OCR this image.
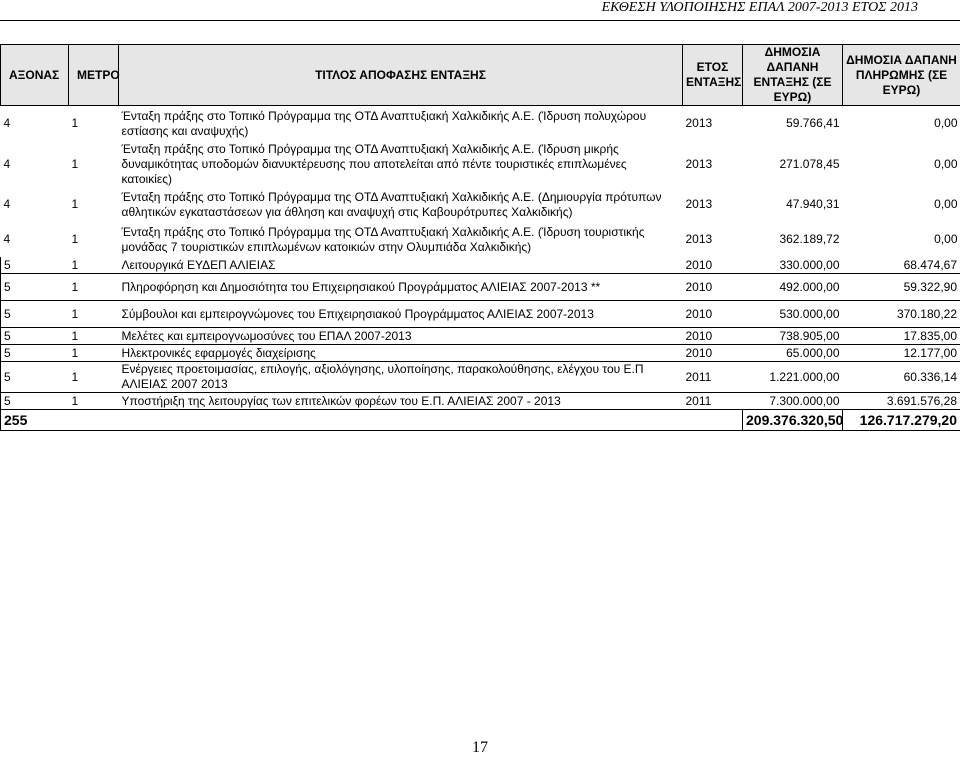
ΕΚΘΕΣΗ ΥΛΟΠΟΙΗΣΗΣ ΕΠΑΛ 2007-2013 ΕΤΟΣ 2013
ΑΞΟΝΑΣ	ΜΕΤΡΟ	ΤΙΤΛΟΣ ΑΠΟΦΑΣΗΣ ΕΝΤΑΞΗΣ	ΕΤΟΣ ΕΝΤΑΞΗΣ	ΔΗΜΟΣΙΑ ΔΑΠΑΝΗ ΕΝΤΑΞΗΣ (ΣΕ ΕΥΡΩ)	ΔΗΜΟΣΙΑ ΔΑΠΑΝΗ ΠΛΗΡΩΜΗΣ (ΣΕ ΕΥΡΩ)
4	1	Ένταξη πράξης στο Τοπικό Πρόγραμμα της ΟΤΔ Αναπτυξιακή Χαλκιδικής Α.Ε. (Ίδρυση πολυχώρου εστίασης και αναψυχής)	2013	59.766,41	0,00
4	1	Ένταξη πράξης στο Τοπικό Πρόγραμμα της ΟΤΔ Αναπτυξιακή Χαλκιδικής Α.Ε. (Ίδρυση μικρής δυναμικότητας υποδομών διανυκτέρευσης που αποτελείται από πέντε τουριστικές επιπλωμένες κατοικίες)	2013	271.078,45	0,00
4	1	Ένταξη πράξης στο Τοπικό Πρόγραμμα της ΟΤΔ Αναπτυξιακή Χαλκιδικής Α.Ε. (Δημιουργία πρότυπων αθλητικών εγκαταστάσεων για άθληση και αναψυχή στις Καβουρότρυπες Χαλκιδικής)	2013	47.940,31	0,00
4	1	Ένταξη πράξης στο Τοπικό Πρόγραμμα της ΟΤΔ Αναπτυξιακή Χαλκιδικής Α.Ε. (Ίδρυση τουριστικής μονάδας 7 τουριστικών επιπλωμένων κατοικιών στην Ολυμπιάδα Χαλκιδικής)	2013	362.189,72	0,00
5	1	Λειτουργικά ΕΥΔΕΠ ΑΛΙΕΙΑΣ	2010	330.000,00	68.474,67
5	1	Πληροφόρηση και Δημοσιότητα του Επιχειρησιακού Προγράμματος ΑΛΙΕΙΑΣ 2007-2013 **	2010	492.000,00	59.322,90
5	1	Σύμβουλοι και εμπειρογνώμονες του Επιχειρησιακού Προγράμματος ΑΛΙΕΙΑΣ 2007-2013	2010	530.000,00	370.180,22
5	1	Μελέτες και εμπειρογνωμοσύνες του ΕΠΑΛ 2007-2013	2010	738.905,00	17.835,00
5	1	Ηλεκτρονικές εφαρμογές διαχείρισης	2010	65.000,00	12.177,00
5	1	Ενέργειες προετοιμασίας, επιλογής, αξιολόγησης, υλοποίησης, παρακολούθησης, ελέγχου του Ε.Π ΑΛΙΕΙΑΣ 2007 2013	2011	1.221.000,00	60.336,14
5	1	Υποστήριξη της λειτουργίας των επιτελικών φορέων του Ε.Π. ΑΛΙΕΙΑΣ 2007 - 2013	2011	7.300.000,00	3.691.576,28
255				209.376.320,50	126.717.279,20
17
